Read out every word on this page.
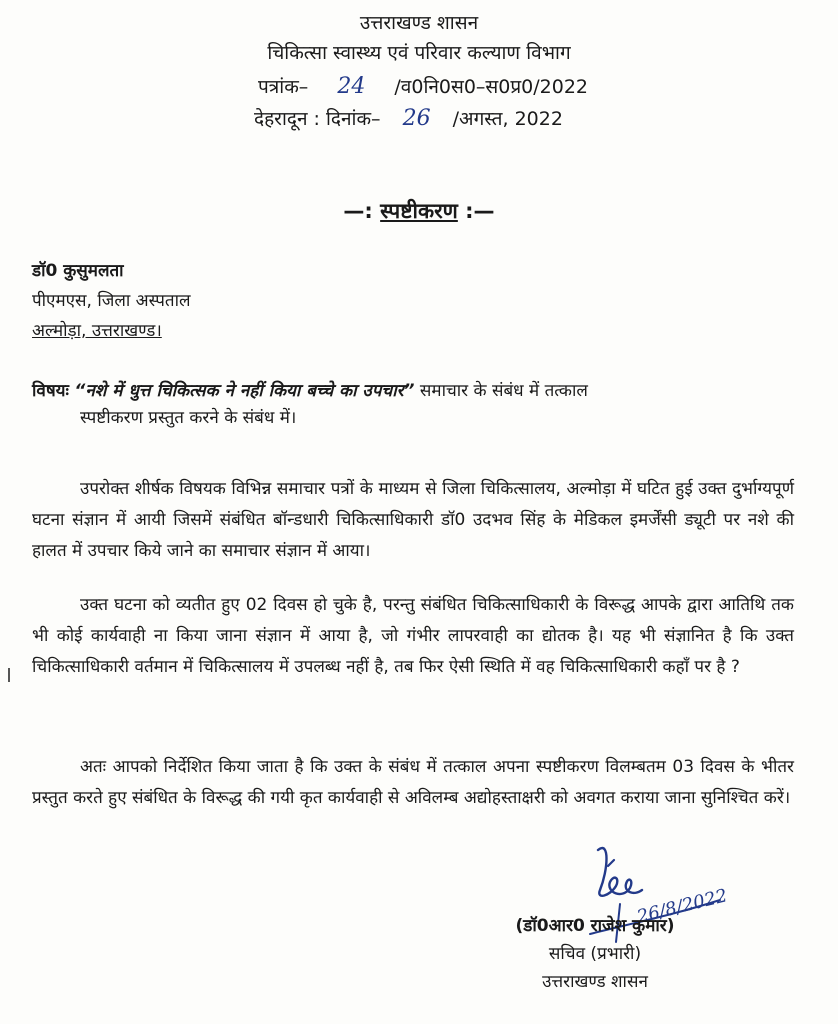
उत्तराखण्ड शासन
चिकित्सा स्वास्थ्य एवं परिवार कल्याण विभाग
पत्रांक– 24 /व0नि0स0–स0प्र0/2022
देहरादून : दिनांक– 26 /अगस्त, 2022
—: स्पष्टीकरण :—
डॉ0 कुसुमलता
पीएमएस, जिला अस्पताल
अल्मोड़ा, उत्तराखण्ड।
विषयः “नशे में धुत्त चिकित्सक ने नहीं किया बच्चे का उपचार” समाचार के संबंध में तत्काल
स्पष्टीकरण प्रस्तुत करने के संबंध में।

उपरोक्त शीर्षक विषयक विभिन्न समाचार पत्रों के माध्यम से जिला चिकित्सालय, अल्मोड़ा में घटित हुई उक्त दुर्भाग्यपूर्ण घटना संज्ञान में आयी जिसमें संबंधित बॉन्डधारी चिकित्साधिकारी डॉ0 उदभव सिंह के मेडिकल इमर्जेंसी ड्यूटी पर नशे की हालत में उपचार किये जाने का समाचार संज्ञान में आया।

उक्त घटना को व्यतीत हुए 02 दिवस हो चुके है, परन्तु संबंधित चिकित्साधिकारी के विरूद्ध आपके द्वारा आतिथि तक भी कोई कार्यवाही ना किया जाना संज्ञान में आया है, जो गंभीर लापरवाही का द्योतक है। यह भी संज्ञानित है कि उक्त चिकित्साधिकारी वर्तमान में चिकित्सालय में उपलब्ध नहीं है, तब फिर ऐसी स्थिति में वह चिकित्साधिकारी कहाँ पर है ?

अतः आपको निर्देशित किया जाता है कि उक्त के संबंध में तत्काल अपना स्पष्टीकरण विलम्बतम 03 दिवस के भीतर प्रस्तुत करते हुए संबंधित के विरूद्ध की गयी कृत कार्यवाही से अविलम्ब अद्योहस्ताक्षरी को अवगत कराया जाना सुनिश्चित करें।

26/8/2022
(डॉ0आर0 राजेश कुमार)
सचिव (प्रभारी)
उत्तराखण्ड शासन
